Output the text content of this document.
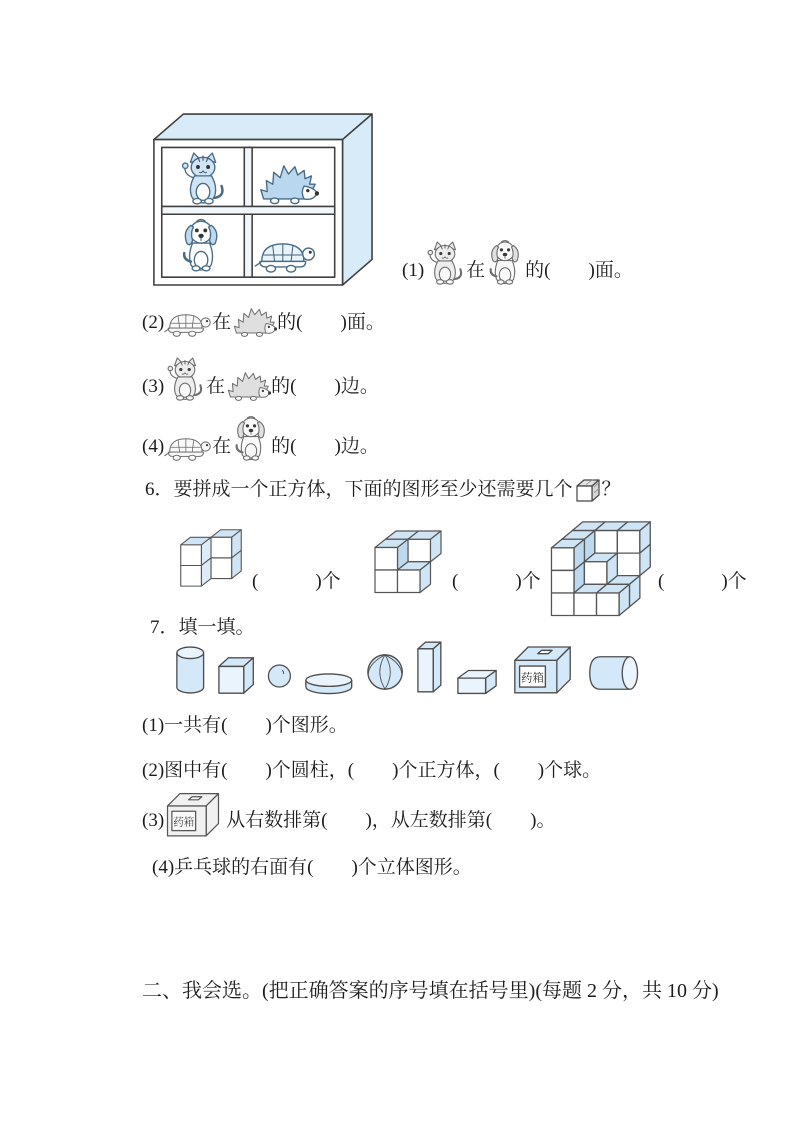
(1) 在 的(　　)面。
(2)	在 的(　　)面。
(3) 在 的(　　)边。
(4)	在 的(　　)边。
6． 要拼成一个正方体，下面的图形至少还需要几个 ？
(　　　)个	(　　　)个	(　　　)个
7． 填一填。
(1)一共有(　　)个图形。
(2)图中有(　　)个圆柱，(　　)个正方体，(　　)个球。
(3)	从右数排第(　　)，从左数排第(　　)。
(4)乒乓球的右面有(　　)个立体图形。
二、我会选。(把正确答案的序号填在括号里)(每题 2 分，共 10 分)
